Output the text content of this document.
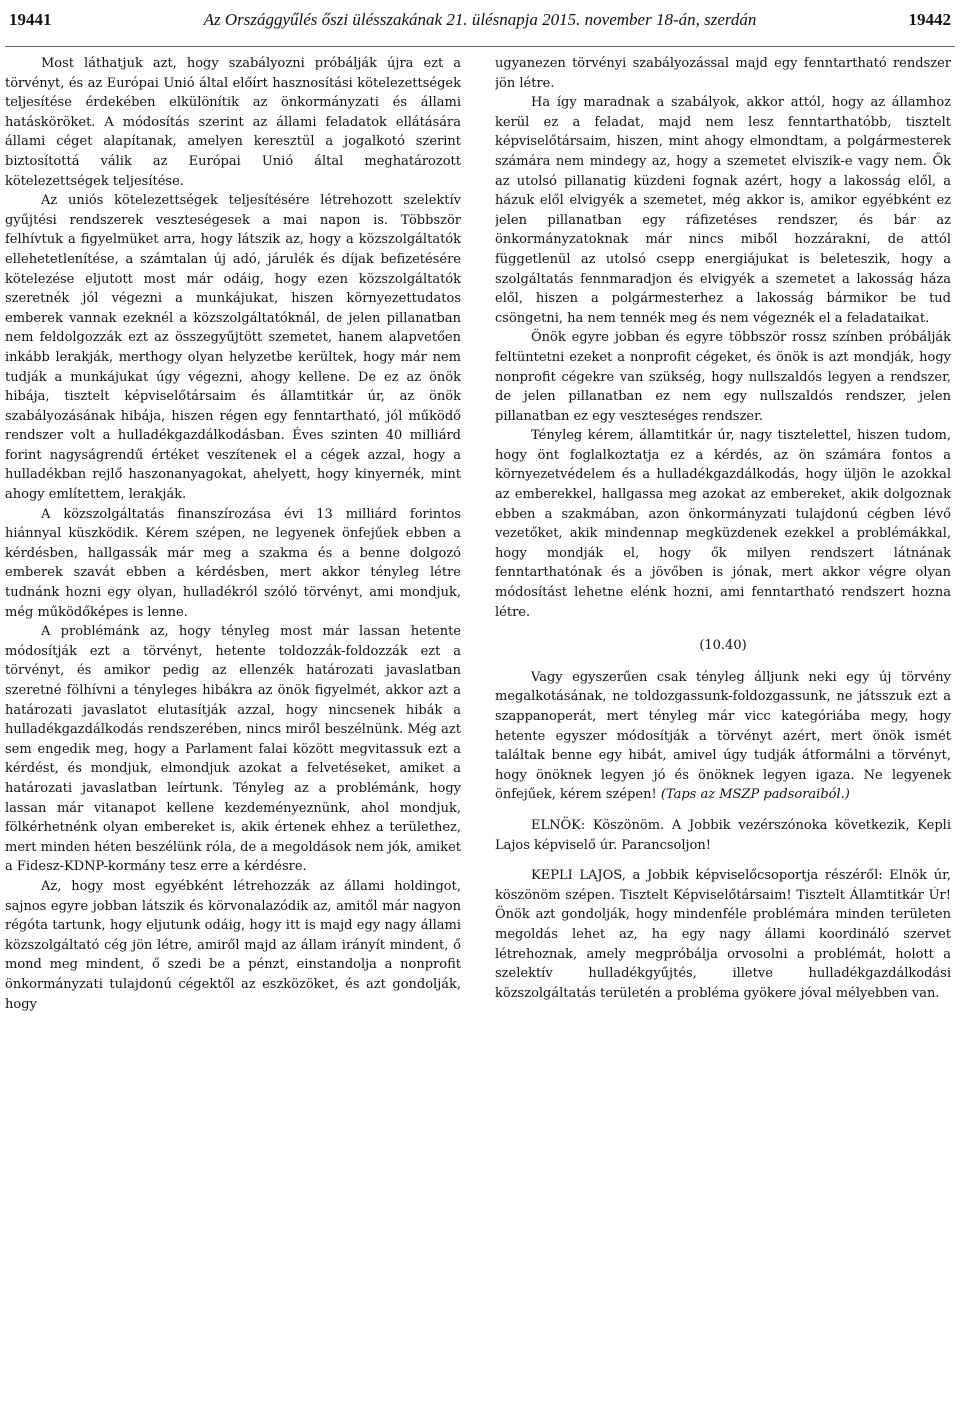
19441	Az Országgyűlés őszi ülésszakának 21. ülésnapja 2015. november 18-án, szerdán	19442

Most láthatjuk azt, hogy szabályozni próbálják újra ezt a törvényt, és az Európai Unió által előírt hasznosítási kötelezettségek teljesítése érdekében elkülönítik az önkormányzati és állami hatásköröket. A módosítás szerint az állami feladatok ellátására állami céget alapítanak, amelyen keresztül a jogalkotó szerint biztosítottá válik az Európai Unió által meghatározott kötelezettségek teljesítése.

Az uniós kötelezettségek teljesítésére létrehozott szelektív gyűjtési rendszerek veszteségesek a mai napon is. Többször felhívtuk a figyelmüket arra, hogy látszik az, hogy a közszolgáltatók ellehetetlenítése, a számtalan új adó, járulék és díjak befizetésére kötelezése eljutott most már odáig, hogy ezen közszolgáltatók szeretnék jól végezni a munkájukat, hiszen környezettudatos emberek vannak ezeknél a közszolgáltatóknál, de jelen pillanatban nem feldolgozzák ezt az összegyűjtött szemetet, hanem alapvetően inkább lerakják, merthogy olyan helyzetbe kerültek, hogy már nem tudják a munkájukat úgy végezni, ahogy kellene. De ez az önök hibája, tisztelt képviselőtársaim és államtitkár úr, az önök szabályozásának hibája, hiszen régen egy fenntartható, jól működő rendszer volt a hulladékgazdálkodásban. Éves szinten 40 milliárd forint nagyságrendű értéket veszítenek el a cégek azzal, hogy a hulladékban rejlő haszonanyagokat, ahelyett, hogy kinyernék, mint ahogy említettem, lerakják.

A közszolgáltatás finanszírozása évi 13 milliárd forintos hiánnyal küszködik. Kérem szépen, ne legyenek önfejűek ebben a kérdésben, hallgassák már meg a szakma és a benne dolgozó emberek szavát ebben a kérdésben, mert akkor tényleg létre tudnánk hozni egy olyan, hulladékról szóló törvényt, ami mondjuk, még működőképes is lenne.

A problémánk az, hogy tényleg most már lassan hetente módosítják ezt a törvényt, hetente toldozzák-foldozzák ezt a törvényt, és amikor pedig az ellenzék határozati javaslatban szeretné fölhívni a tényleges hibákra az önök figyelmét, akkor azt a határozati javaslatot elutasítják azzal, hogy nincsenek hibák a hulladékgazdálkodás rendszerében, nincs miről beszélnünk. Még azt sem engedik meg, hogy a Parlament falai között megvitassuk ezt a kérdést, és mondjuk, elmondjuk azokat a felvetéseket, amiket a határozati javaslatban leírtunk. Tényleg az a problémánk, hogy lassan már vitanapot kellene kezdeményeznünk, ahol mondjuk, fölkérhetnénk olyan embereket is, akik értenek ehhez a területhez, mert minden héten beszélünk róla, de a megoldások nem jók, amiket a Fidesz-KDNP-kormány tesz erre a kérdésre.

Az, hogy most egyébként létrehozzák az állami holdingot, sajnos egyre jobban látszik és körvonalazódik az, amitől már nagyon régóta tartunk, hogy eljutunk odáig, hogy itt is majd egy nagy állami közszolgáltató cég jön létre, amiről majd az állam irányít mindent, ő mond meg mindent, ő szedi be a pénzt, einstandolja a nonprofit önkormányzati tulajdonú cégektől az eszközöket, és azt gondolják, hogy

ugyanezen törvényi szabályozással majd egy fenntartható rendszer jön létre.

Ha így maradnak a szabályok, akkor attól, hogy az államhoz kerül ez a feladat, majd nem lesz fenntarthatóbb, tisztelt képviselőtársaim, hiszen, mint ahogy elmondtam, a polgármesterek számára nem mindegy az, hogy a szemetet elviszik-e vagy nem. Ők az utolsó pillanatig küzdeni fognak azért, hogy a lakosság elől, a házuk elől elvigyék a szemetet, még akkor is, amikor egyébként ez jelen pillanatban egy ráfizetéses rendszer, és bár az önkormányzatoknak már nincs miből hozzárakni, de attól függetlenül az utolsó csepp energiájukat is beleteszik, hogy a szolgáltatás fennmaradjon és elvigyék a szemetet a lakosság háza elől, hiszen a polgármesterhez a lakosság bármikor be tud csöngetni, ha nem tennék meg és nem végeznék el a feladataikat.

Önök egyre jobban és egyre többször rossz színben próbálják feltüntetni ezeket a nonprofit cégeket, és önök is azt mondják, hogy nonprofit cégekre van szükség, hogy nullszaldós legyen a rendszer, de jelen pillanatban ez nem egy nullszaldós rendszer, jelen pillanatban ez egy veszteséges rendszer.

Tényleg kérem, államtitkár úr, nagy tisztelettel, hiszen tudom, hogy önt foglalkoztatja ez a kérdés, az ön számára fontos a környezetvédelem és a hulladékgazdálkodás, hogy üljön le azokkal az emberekkel, hallgassa meg azokat az embereket, akik dolgoznak ebben a szakmában, azon önkormányzati tulajdonú cégben lévő vezetőket, akik mindennap megküzdenek ezekkel a problémákkal, hogy mondják el, hogy ők milyen rendszert látnának fenntarthatónak és a jövőben is jónak, mert akkor végre olyan módosítást lehetne elénk hozni, ami fenntartható rendszert hozna létre.

(10.40)

Vagy egyszerűen csak tényleg álljunk neki egy új törvény megalkotásának, ne toldozgassunk-foldozgassunk, ne játsszuk ezt a szappanoperát, mert tényleg már vicc kategóriába megy, hogy hetente egyszer módosítják a törvényt azért, mert önök ismét találtak benne egy hibát, amivel úgy tudják átformálni a törvényt, hogy önöknek legyen jó és önöknek legyen igaza. Ne legyenek önfejűek, kérem szépen! (Taps az MSZP padsoraiból.)

ELNÖK: Köszönöm. A Jobbik vezérszónoka következik, Kepli Lajos képviselő úr. Parancsoljon!

KEPLI LAJOS, a Jobbik képviselőcsoportja részéről: Elnök úr, köszönöm szépen. Tisztelt Képviselőtársaim! Tisztelt Államtitkár Úr! Önök azt gondolják, hogy mindenféle problémára minden területen megoldás lehet az, ha egy nagy állami koordináló szervet létrehoznak, amely megpróbálja orvosolni a problémát, holott a szelektív hulladékgyűjtés, illetve hulladékgazdálkodási közszolgáltatás területén a probléma gyökere jóval mélyebben van.
